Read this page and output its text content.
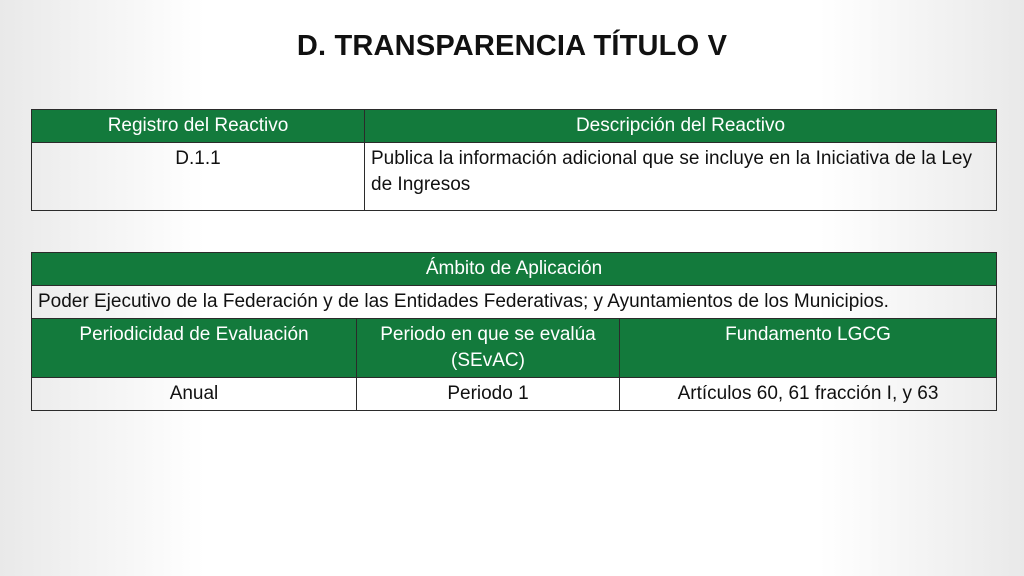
D. TRANSPARENCIA TÍTULO V
Registro del Reactivo	Descripción del Reactivo
D.1.1	Publica la información adicional que se incluye en la Iniciativa de la Ley de Ingresos
Ámbito de Aplicación		
Poder Ejecutivo de la Federación y de las Entidades Federativas; y Ayuntamientos de los Municipios.		
Periodicidad de Evaluación	Periodo en que se evalúa (SEvAC)	Fundamento LGCG
Anual	Periodo 1	Artículos 60, 61 fracción I, y 63
